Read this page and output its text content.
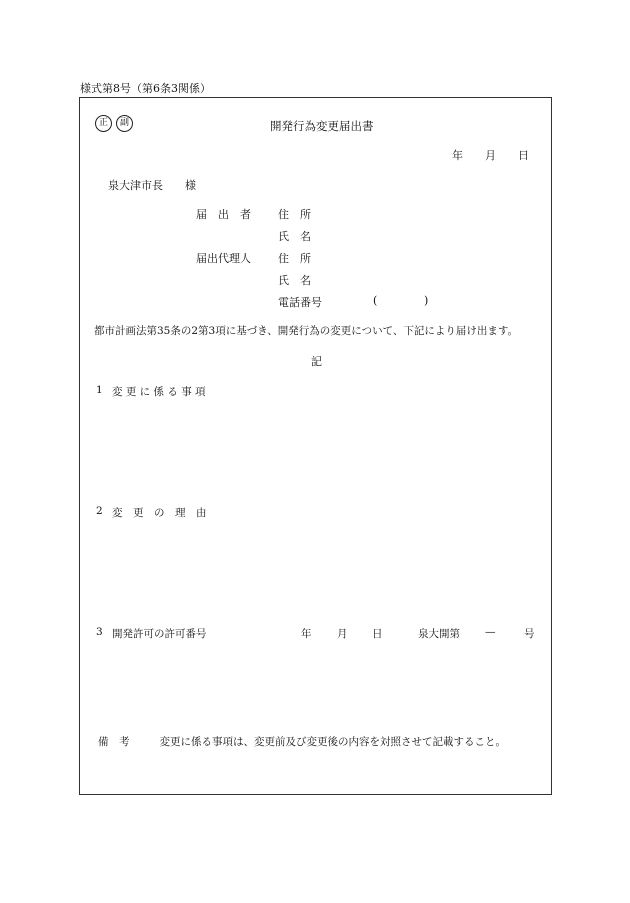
様式第8号（第6条3関係）
正 副	開発行為変更届出書
年 月 日
泉大津市長 様
届　出　者 住　所
氏　名
届出代理人 住　所
氏　名
電話番号	(	)
都市計画法第35条の2第3項に基づき、開発行為の変更について、下記により届け出ます。
記
1 変 更 に 係 る 事 項
2 変　更　の　理　由
3 開発許可の許可番号	年 月 日	泉大開第 —	号
備　考	変更に係る事項は、変更前及び変更後の内容を対照させて記載すること。
